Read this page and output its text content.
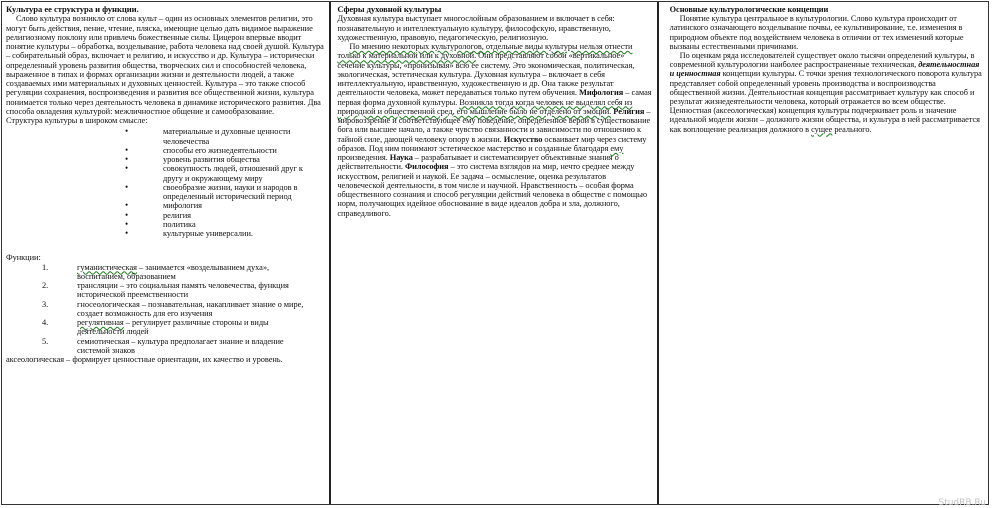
Культура ее структура и функции.

Слово культура возникло от слова культ – один из основных элементов религии, это могут быть действия, пение, чтение, пляска, имеющие целью дать видимое выражение религиозному поклону или привлечь божественные силы. Цицерон впервые вводит понятие культуры – обработка, возделывание, работа человека над своей душой. Культура – собирательный образ, включает и религию, и искусство и др. Культура – исторически определенный уровень развития общества, творческих сил и способностей человека, выраженное в типах и формах организации жизни и деятельности людей, а также создаваемых ими материальных и духовных ценностей. Культура – это также способ регуляции сохранения, воспроизведения и развития все общественной жизни, культура понимается только через деятельность человека в динамике исторического развития. Два способа овладения культурой: межличностное общение и самообразование.

Структура культуры в широком смысле:

• материальные и духовные ценности человечества
• способы его жизнедеятельности
• уровень развития общества
• совокупность людей, отношений друг к другу и окружающему миру
• своеобразие жизни, науки и народов в определенный исторический период
• мифология
• религия
• политика
• культурные универсалии.

Функции:

1.	гуманистическая – занимается «возделыванием духа», воспитанием, образованием
2.	трансляции – это социальная память человечества, функция исторической преемственности
3.	гносеологическая – познавательная, накапливает знание о мире, создает возможность для его изучения
4.	регулятивная – регулирует различные стороны и виды деятельности людей
5.	семиотическая – культура предполагает знание и владение системой знаков

аксеологическая – формирует ценностные ориентации, их качество и уровень.

Сферы духовной культуры

Духовная культура выступает многослойным образованием и включает в себя: познавательную и интеллектуальную культуру, философскую, нравственную, художественную, правовую, педагогическую, религиозную.

По мнению некоторых культурологов, отдельные виды культуры нельзя отнести только к материальной или к духовной. Они представляют собой «вертикальное» сечение культуры, «пронизывая» всю ее систему. Это экономическая, политическая, экологическая, эстетическая культура. Духовная культура – включает в себя интеллектуальную, нравственную, художественную и др. Она также результат деятельности человека, может передаваться только путем обучения. Мифология – самая первая форма духовной культуры. Возникла тогда когда человек не выделял себя из природной и общественной сред, его мышление было не отделено от эмоций. Религия – мировоззрение и соответствующее ему поведение, определенное верой в существование бога или высшее начало, а также чувство связанности и зависимости по отношению к тайной силе, дающей человеку опору в жизни. Искусство осваивает мир через систему образов. Под ним понимают эстетическое мастерство и созданные благодаря ему произведения. Наука – разрабатывает и систематизирует объективные знания о действительности. Философия – это система взглядов на мир, нечто среднее между искусством, религией и наукой. Ее задача – осмысление, оценка результатов человеческой деятельности, в том числе и научной. Нравственность – особая форма общественного сознания и способ регуляции действий человека в обществе с помощью норм, получающих идейное обоснование в виде идеалов добра и зла, должного, справедливого.

Основные культурологические концепции

Понятие культура центральное в культурологии. Слово культура происходит от латинского означающего возделывание почвы, ее культивирование, т.е. изменения в природном объекте под воздействием человека в отличии от тех изменений которые вызваны естественными причинами.

По оценкам ряда исследователей существует около тысячи определений культуры, в современной культурологии наиболее распространенные техническая, деятельностная и ценностная концепции культуры. С точки зрения технологического поворота культура представляет собой определенный уровень производства и воспроизводства общественной жизни. Деятельностная концепция рассматривает культуру как способ и результат жизнедеятельности человека, который отражается во всем обществе. Ценностная (аксеологическая) концепция культуры подчеркивает роль и значение идеальной модели жизни – должного жизни общества, и культура в ней рассматривается как воплощение реализация должного в сущее реального.

StudRB.Ru
